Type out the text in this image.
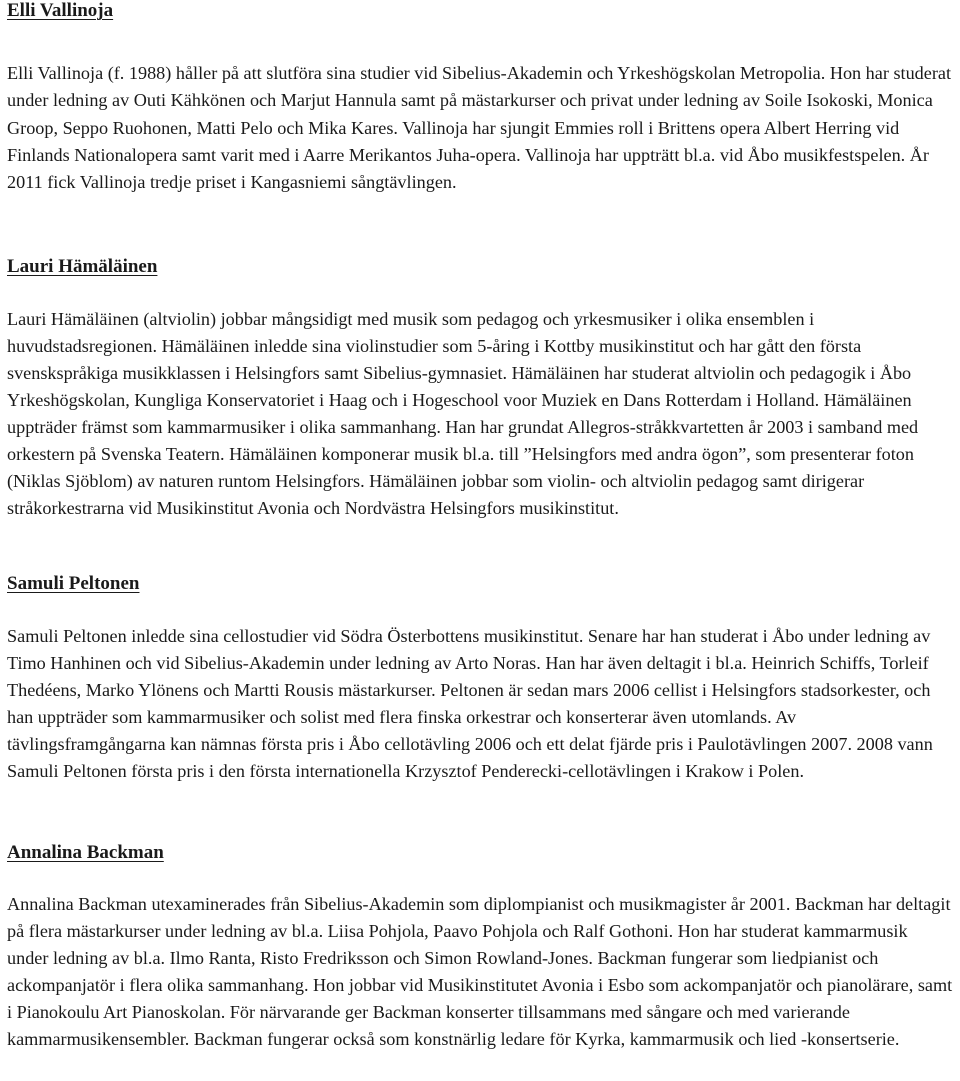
Elli Vallinoja

Elli Vallinoja (f. 1988) håller på att slutföra sina studier vid Sibelius-Akademin och Yrkeshögskolan Metropolia. Hon har studerat under ledning av Outi Kähkönen och Marjut Hannula samt på mästarkurser och privat under ledning av Soile Isokoski, Monica Groop, Seppo Ruohonen, Matti Pelo och Mika Kares. Vallinoja har sjungit Emmies roll i Brittens opera Albert Herring vid Finlands Nationalopera samt varit med i Aarre Merikantos Juha-opera. Vallinoja har uppträtt bl.a. vid Åbo musikfestspelen. År 2011 fick Vallinoja tredje priset i Kangasniemi sångtävlingen.

Lauri Hämäläinen

Lauri Hämäläinen (altviolin) jobbar mångsidigt med musik som pedagog och yrkesmusiker i olika ensemblen i huvudstadsregionen. Hämäläinen inledde sina violinstudier som 5-åring i Kottby musikinstitut och har gått den första svenskspråkiga musikklassen i Helsingfors samt Sibelius-gymnasiet. Hämäläinen har studerat altviolin och pedagogik i Åbo Yrkeshögskolan, Kungliga Konservatoriet i Haag och i Hogeschool voor Muziek en Dans Rotterdam i Holland. Hämäläinen uppträder främst som kammarmusiker i olika sammanhang. Han har grundat Allegros-stråkkvartetten år 2003 i samband med orkestern på Svenska Teatern. Hämäläinen komponerar musik bl.a. till ”Helsingfors med andra ögon”, som presenterar foton (Niklas Sjöblom) av naturen runtom Helsingfors. Hämäläinen jobbar som violin- och altviolin pedagog samt dirigerar stråkorkestrarna vid Musikinstitut Avonia och Nordvästra Helsingfors musikinstitut.

Samuli Peltonen

Samuli Peltonen inledde sina cellostudier vid Södra Österbottens musikinstitut. Senare har han studerat i Åbo under ledning av Timo Hanhinen och vid Sibelius-Akademin under ledning av Arto Noras. Han har även deltagit i bl.a. Heinrich Schiffs, Torleif Thedéens, Marko Ylönens och Martti Rousis mästarkurser. Peltonen är sedan mars 2006 cellist i Helsingfors stadsorkester, och han uppträder som kammarmusiker och solist med flera finska orkestrar och konserterar även utomlands. Av tävlingsframgångarna kan nämnas första pris i Åbo cellotävling 2006 och ett delat fjärde pris i Paulotävlingen 2007. 2008 vann Samuli Peltonen första pris i den första internationella Krzysztof Penderecki-cellotävlingen i Krakow i Polen.

Annalina Backman

Annalina Backman utexaminerades från Sibelius-Akademin som diplompianist och musikmagister år 2001. Backman har deltagit på flera mästarkurser under ledning av bl.a. Liisa Pohjola, Paavo Pohjola och Ralf Gothoni. Hon har studerat kammarmusik under ledning av bl.a. Ilmo Ranta, Risto Fredriksson och Simon Rowland-Jones. Backman fungerar som liedpianist och ackompanjatör i flera olika sammanhang. Hon jobbar vid Musikinstitutet Avonia i Esbo som ackompanjatör och pianolärare, samt i Pianokoulu Art Pianoskolan. För närvarande ger Backman konserter tillsammans med sångare och med varierande kammarmusikensembler. Backman fungerar också som konstnärlig ledare för Kyrka, kammarmusik och lied -konsertserie.
